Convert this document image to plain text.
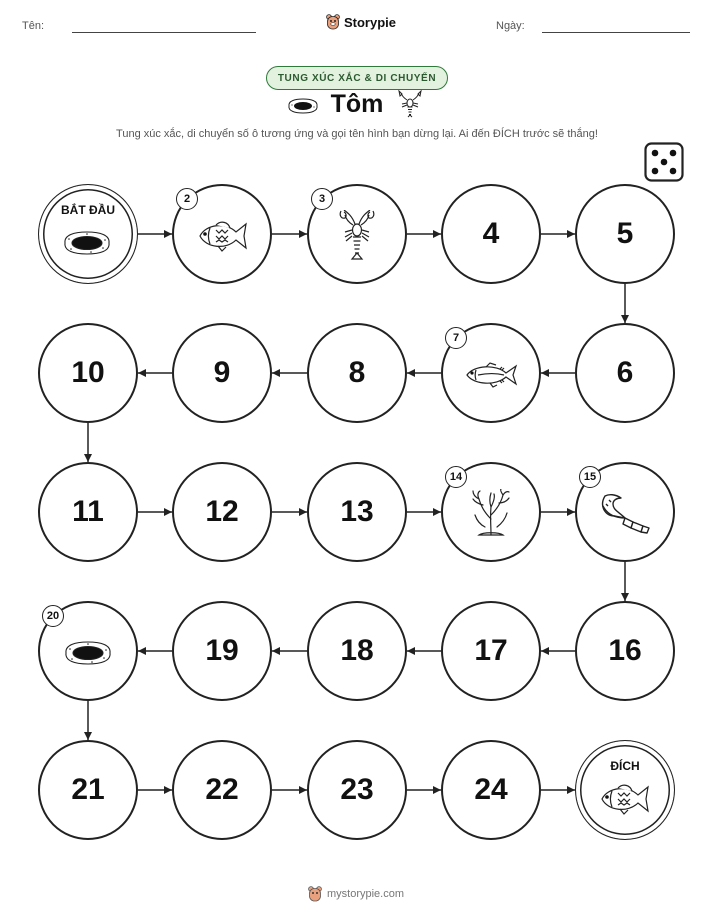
Tên:	Storypie	Ngày:
TUNG XÚC XẮC & DI CHUYỂN
Tôm
Tung xúc xắc, di chuyển số ô tương ứng và gọi tên hình bạn dừng lại. Ai đến ĐÍCH trước sẽ thắng!
BẮT ĐẦU
2	3
4	5
6
7
8
9
10
11	12	13
14	15
16
17
18
19
20
21	22	23	24
ĐÍCH
mystorypie.com
